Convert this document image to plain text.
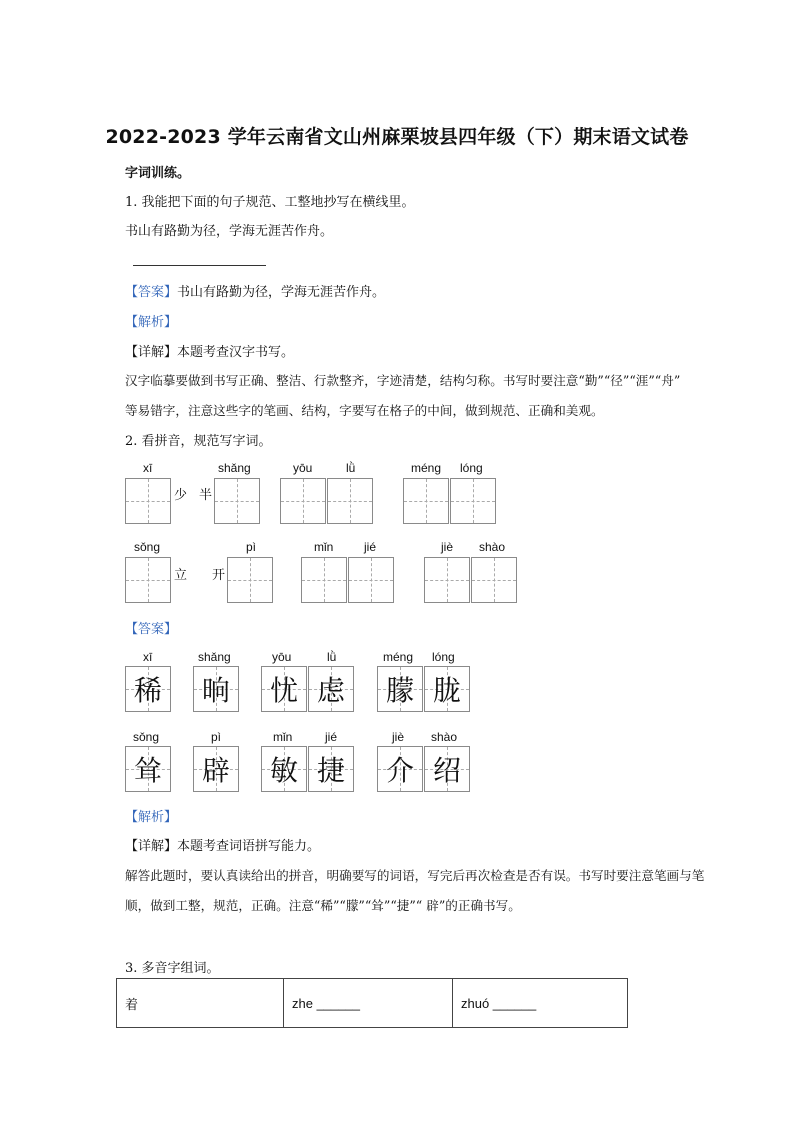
2022-2023 学年云南省文山州麻栗坡县四年级（下）期末语文试卷
字词训练。
1. 我能把下面的句子规范、工整地抄写在横线里。
书山有路勤为径，学海无涯苦作舟。
【答案】书山有路勤为径，学海无涯苦作舟。
【解析】
【详解】本题考查汉字书写。
汉字临摹要做到书写正确、整洁、行款整齐，字迹清楚，结构匀称。书写时要注意“勤”“径”“涯”“舟”
等易错字，注意这些字的笔画、结构，字要写在格子的中间，做到规范、正确和美观。
2. 看拼音，规范写字词。
xī	shǎng	yōu	lǜ	méng lóng
少 半
sǒng	pì	mǐn	jié	jiè shào
立 开
【答案】
xī	shǎng	yōu	lǜ	méng lóng
稀 晌 忧 虑 朦 胧
sǒng	pì	mǐn	jié	jiè shào
耸 辟 敏 捷 介 绍
【解析】
【详解】本题考查词语拼写能力。
解答此题时，要认真读给出的拼音，明确要写的词语，写完后再次检查是否有误。书写时要注意笔画与笔
顺，做到工整，规范，正确。注意“稀”“朦”“耸”“捷”“ 辟”的正确书写。
3. 多音字组词。
着	zhe ______	zhuó ______
